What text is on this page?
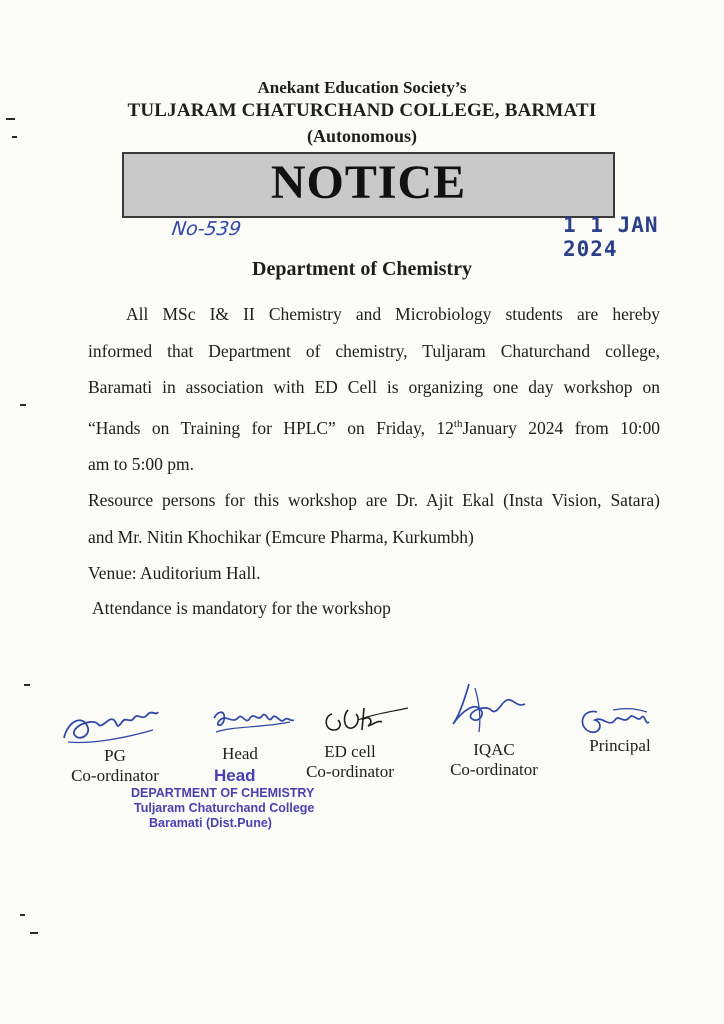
Anekant Education Society’s
TULJARAM CHATURCHAND COLLEGE, BARMATI
(Autonomous)
NOTICE
No-539	1 1 JAN 2024
Department of Chemistry

All MSc I& II Chemistry and Microbiology students are hereby

informed that Department of chemistry, Tuljaram Chaturchand college,

Baramati in association with ED Cell is organizing one day workshop on

“Hands on Training for HPLC” on Friday, 12thJanuary 2024 from 10:00

am to 5:00 pm.

Resource persons for this workshop are Dr. Ajit Ekal (Insta Vision, Satara)

and Mr. Nitin Khochikar (Emcure Pharma, Kurkumbh)

Venue: Auditorium Hall.

Attendance is mandatory for the workshop
PG
Co-ordinator
Head
Head
ED cell
Co-ordinator
IQAC
Co-ordinator
Principal
DEPARTMENT OF CHEMISTRY
Tuljaram Chaturchand College
Baramati (Dist.Pune)
